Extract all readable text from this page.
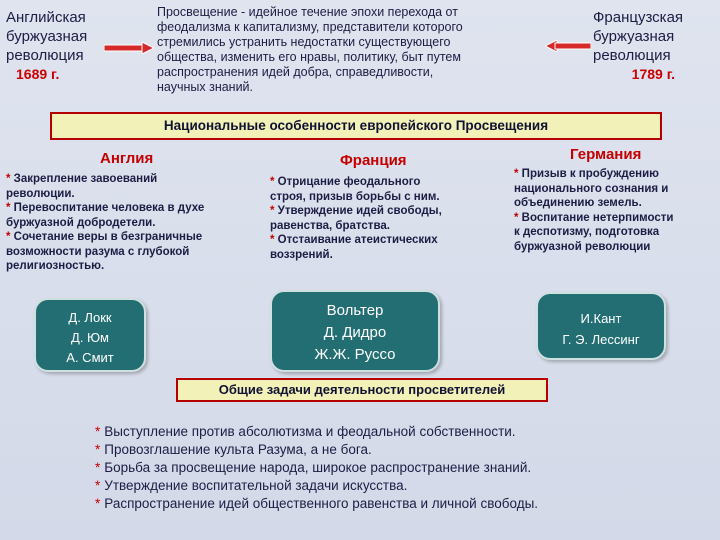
Английская
буржуазная
революция
1689 г.
Просвещение - идейное течение эпохи перехода от
феодализма к капитализму, представители которого
стремились устранить недостатки существующего
общества, изменить его нравы, политику, быт путем
распространения идей добра, справедливости,
научных знаний.
Французская
буржуазная
революция
1789 г.
Национальные особенности европейского Просвещения
Англия	Франция	Германия
* Закрепление завоеваний
революции.
* Перевоспитание человека в духе
буржуазной добродетели.
* Сочетание веры в безграничные
возможности разума с глубокой
религиозностью.
* Отрицание феодального
строя, призыв борьбы с ним.
* Утверждение идей свободы,
равенства, братства.
* Отстаивание атеистических
воззрений.
* Призыв к пробуждению
национального сознания и
объединению земель.
* Воспитание нетерпимости
к деспотизму, подготовка
буржуазной революции
Д. Локк
Д. Юм
А. Смит
Вольтер
Д. Дидро
Ж.Ж. Руссо
И.Кант
Г. Э. Лессинг
Общие задачи деятельности просветителей
* Выступление против абсолютизма и феодальной собственности.
* Провозглашение культа Разума, а не бога.
* Борьба за просвещение народа, широкое распространение знаний.
* Утверждение воспитательной задачи искусства.
* Распространение идей общественного равенства и личной свободы.
